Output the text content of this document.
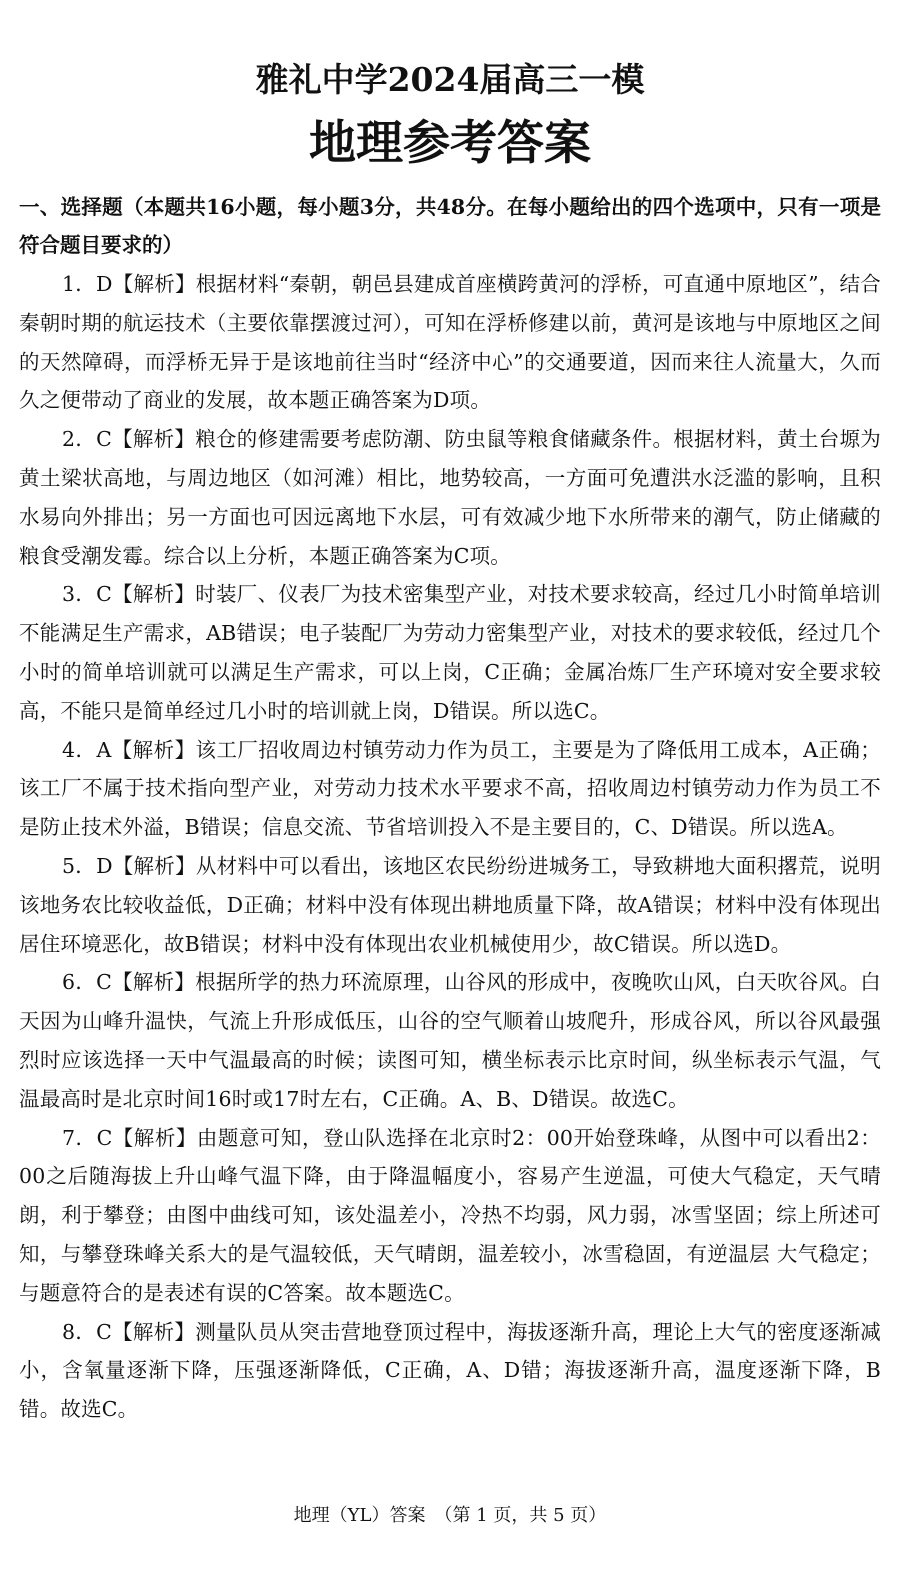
雅礼中学2024届高三一模
地理参考答案
一、选择题（本题共16小题，每小题3分，共48分。在每小题给出的四个选项中，只有一项是符合题目要求的）

1．D【解析】根据材料“秦朝，朝邑县建成首座横跨黄河的浮桥，可直通中原地区”，结合秦朝时期的航运技术（主要依靠摆渡过河），可知在浮桥修建以前，黄河是该地与中原地区之间的天然障碍，而浮桥无异于是该地前往当时“经济中心”的交通要道，因而来往人流量大，久而久之便带动了商业的发展，故本题正确答案为D项。

2．C【解析】粮仓的修建需要考虑防潮、防虫鼠等粮食储藏条件。根据材料，黄土台塬为黄土梁状高地，与周边地区（如河滩）相比，地势较高，一方面可免遭洪水泛滥的影响，且积水易向外排出；另一方面也可因远离地下水层，可有效减少地下水所带来的潮气，防止储藏的粮食受潮发霉。综合以上分析，本题正确答案为C项。

3．C【解析】时装厂、仪表厂为技术密集型产业，对技术要求较高，经过几小时简单培训不能满足生产需求，AB错误；电子装配厂为劳动力密集型产业，对技术的要求较低，经过几个小时的简单培训就可以满足生产需求，可以上岗，C正确；金属冶炼厂生产环境对安全要求较高，不能只是简单经过几小时的培训就上岗，D错误。所以选C。

4．A【解析】该工厂招收周边村镇劳动力作为员工，主要是为了降低用工成本，A正确；该工厂不属于技术指向型产业，对劳动力技术水平要求不高，招收周边村镇劳动力作为员工不是防止技术外溢，B错误；信息交流、节省培训投入不是主要目的，C、D错误。所以选A。

5．D【解析】从材料中可以看出，该地区农民纷纷进城务工，导致耕地大面积撂荒，说明该地务农比较收益低，D正确；材料中没有体现出耕地质量下降，故A错误；材料中没有体现出居住环境恶化，故B错误；材料中没有体现出农业机械使用少，故C错误。所以选D。

6．C【解析】根据所学的热力环流原理，山谷风的形成中，夜晚吹山风，白天吹谷风。白天因为山峰升温快，气流上升形成低压，山谷的空气顺着山坡爬升，形成谷风，所以谷风最强烈时应该选择一天中气温最高的时候；读图可知，横坐标表示比京时间，纵坐标表示气温，气温最高时是北京时间16时或17时左右，C正确。A、B、D错误。故选C。

7．C【解析】由题意可知，登山队选择在北京时2：00开始登珠峰，从图中可以看出2：00之后随海拔上升山峰气温下降，由于降温幅度小，容易产生逆温，可使大气稳定，天气晴朗，利于攀登；由图中曲线可知，该处温差小，冷热不均弱，风力弱，冰雪坚固；综上所述可知，与攀登珠峰关系大的是气温较低，天气晴朗，温差较小，冰雪稳固，有逆温层 大气稳定；与题意符合的是表述有误的C答案。故本题选C。

8．C【解析】测量队员从突击营地登顶过程中，海拔逐渐升高，理论上大气的密度逐渐减小，含氧量逐渐下降，压强逐渐降低，C正确，A、D错；海拔逐渐升高，温度逐渐下降，B错。故选C。

地理（YL）答案　（第 1 页，共 5 页）
